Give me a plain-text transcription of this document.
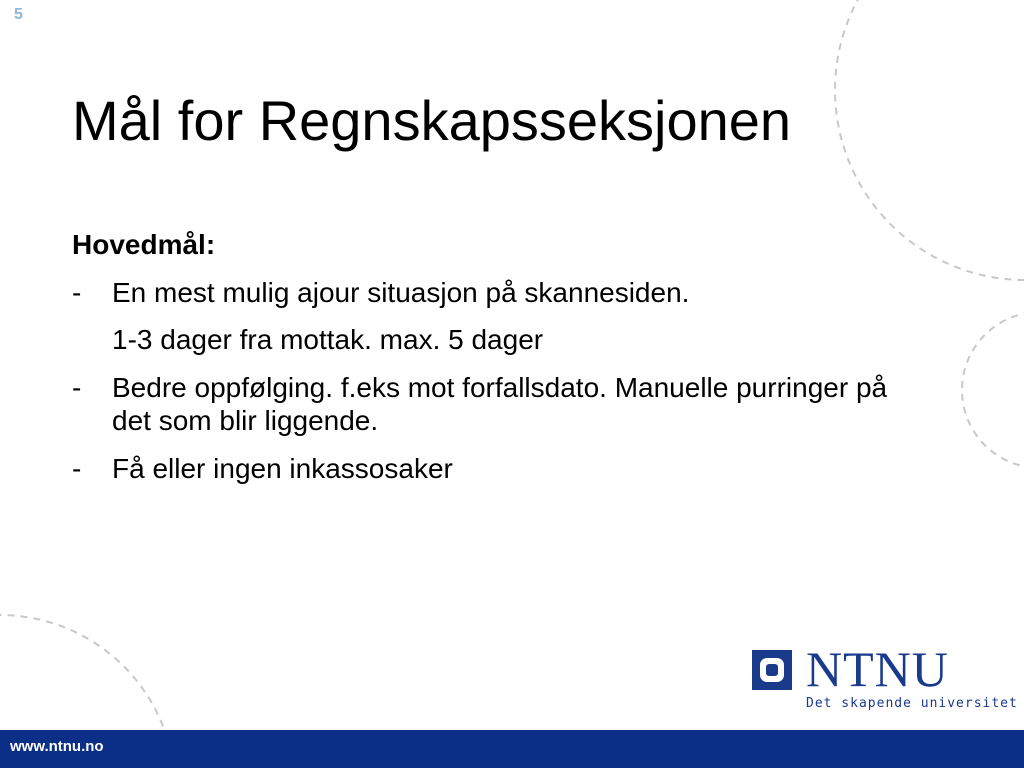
5
Mål for Regnskapsseksjonen
Hovedmål:
-	En mest mulig ajour situasjon på skannesiden.
1-3 dager fra mottak. max. 5 dager
-	Bedre oppfølging. f.eks mot forfallsdato. Manuelle purringer på det som blir liggende.
-	Få eller ingen inkassosaker
NTNU
Det skapende universitet
www.ntnu.no
